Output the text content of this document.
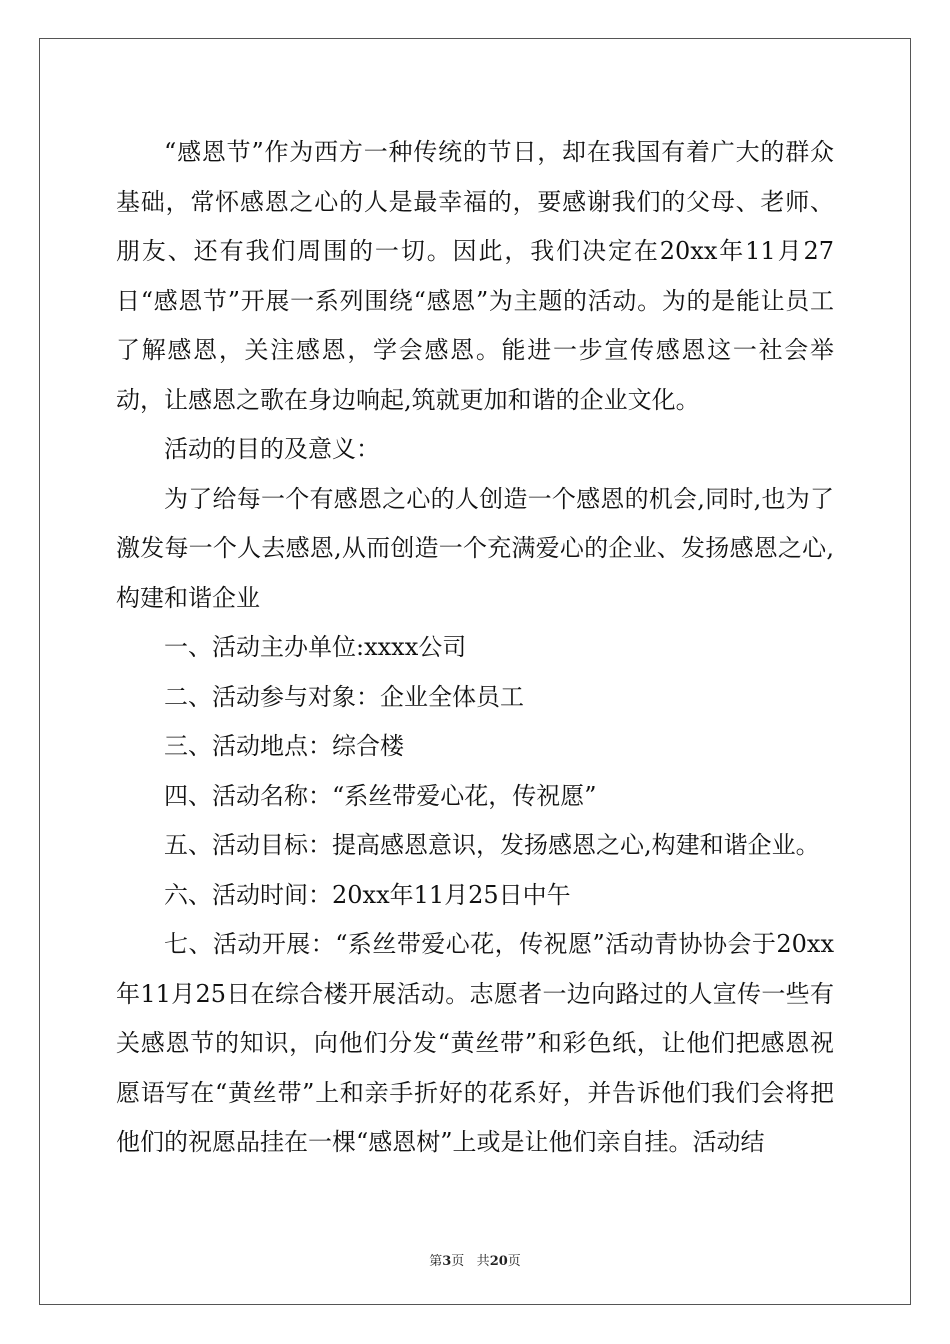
“感恩节”作为西方一种传统的节日，却在我国有着广大的群众基础，常怀感恩之心的人是最幸福的，要感谢我们的父母、老师、朋友、还有我们周围的一切。因此，我们决定在20xx年11月27日“感恩节”开展一系列围绕“感恩”为主题的活动。为的是能让员工了解感恩，关注感恩，学会感恩。能进一步宣传感恩这一社会举动，让感恩之歌在身边响起,筑就更加和谐的企业文化。

活动的目的及意义：

为了给每一个有感恩之心的人创造一个感恩的机会,同时,也为了激发每一个人去感恩,从而创造一个充满爱心的企业、发扬感恩之心,构建和谐企业

一、活动主办单位:xxxx公司

二、活动参与对象：企业全体员工

三、活动地点：综合楼

四、活动名称：“系丝带爱心花，传祝愿”

五、活动目标：提高感恩意识，发扬感恩之心,构建和谐企业。

六、活动时间：20xx年11月25日中午

七、活动开展：“系丝带爱心花，传祝愿”活动青协协会于20xx年11月25日在综合楼开展活动。志愿者一边向路过的人宣传一些有关感恩节的知识，向他们分发“黄丝带”和彩色纸，让他们把感恩祝愿语写在“黄丝带”上和亲手折好的花系好，并告诉他们我们会将把他们的祝愿品挂在一棵“感恩树”上或是让他们亲自挂。活动结

第3页 共20页
